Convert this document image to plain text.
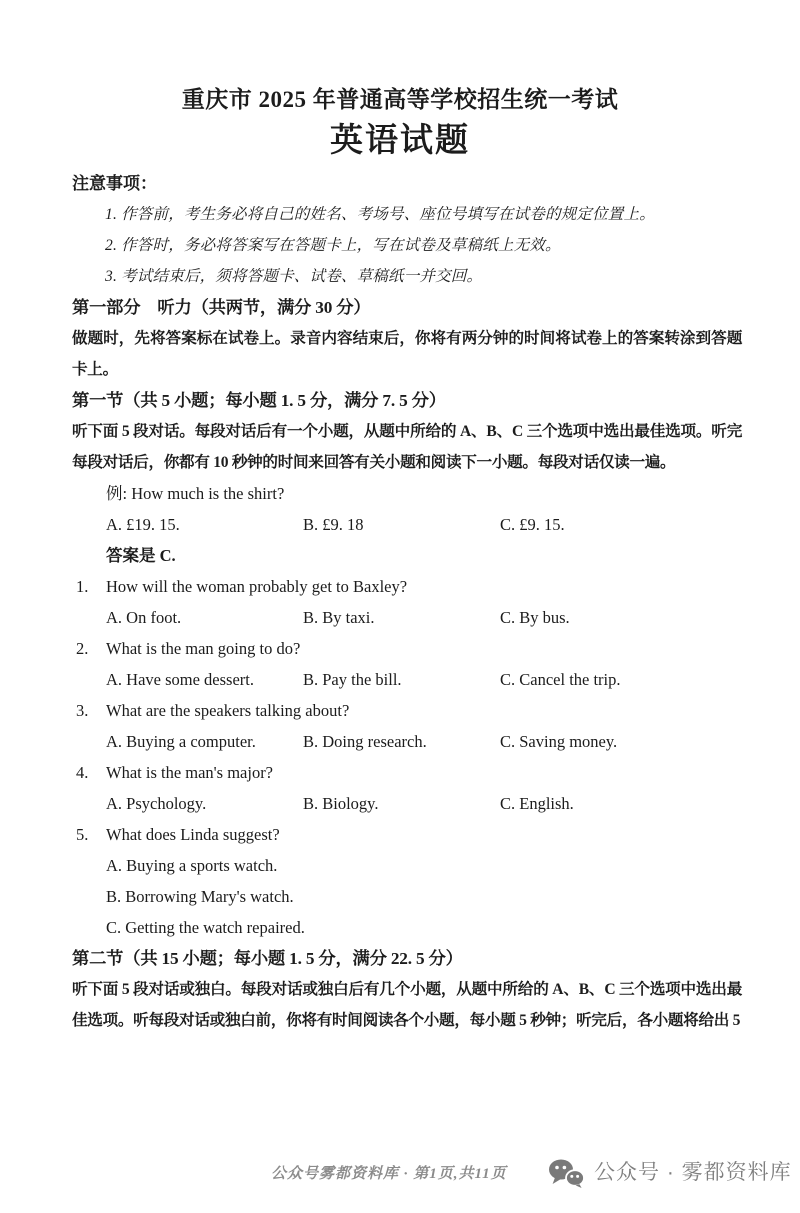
重庆市 2025 年普通高等学校招生统一考试
英语试题
注意事项：
1. 作答前，考生务必将自己的姓名、考场号、座位号填写在试卷的规定位置上。
2. 作答时，务必将答案写在答题卡上，写在试卷及草稿纸上无效。
3. 考试结束后，须将答题卡、试卷、草稿纸一并交回。
第一部分　听力（共两节，满分 30 分）

做题时，先将答案标在试卷上。录音内容结束后，你将有两分钟的时间将试卷上的答案转涂到答题卡上。

第一节（共 5 小题；每小题 1. 5 分，满分 7. 5 分）

听下面 5 段对话。每段对话后有一个小题，从题中所给的 A、B、C 三个选项中选出最佳选项。听完每段对话后，你都有 10 秒钟的时间来回答有关小题和阅读下一小题。每段对话仅读一遍。

例: How much is the shirt?
A. £19. 15.	B. £9. 18	C. £9. 15.
答案是 C.
1.	How will the woman probably get to Baxley?
A. On foot.	B. By taxi.	C. By bus.
2.	What is the man going to do?
A. Have some dessert.	B. Pay the bill.	C. Cancel the trip.
3.	What are the speakers talking about?
A. Buying a computer.	B. Doing research.	C. Saving money.
4.	What is the man's major?
A. Psychology.	B. Biology.	C. English.
5.	What does Linda suggest?
A. Buying a sports watch.
B. Borrowing Mary's watch.
C. Getting the watch repaired.
第二节（共 15 小题；每小题 1. 5 分，满分 22. 5 分）

听下面 5 段对话或独白。每段对话或独白后有几个小题，从题中所给的 A、B、C 三个选项中选出最佳选项。听每段对话或独白前，你将有时间阅读各个小题，每小题 5 秒钟；听完后，各小题将给出 5

公众号雾都资料库 · 第1页,共11页	公众号 · 雾都资料库
